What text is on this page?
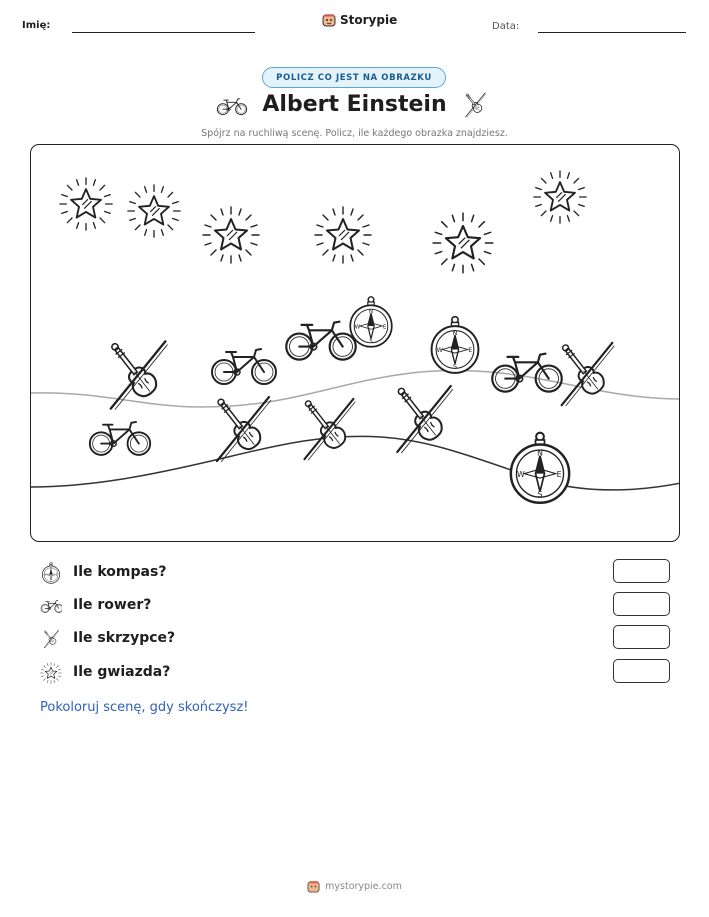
Imię:	Storypie	Data:
POLICZ CO JEST NA OBRAZKU
Albert Einstein
Spójrz na ruchliwą scenę. Policz, ile każdego obrazka znajdziesz.
Ile kompas?
Ile rower?
Ile skrzypce?
Ile gwiazda?
Pokoloruj scenę, gdy skończysz!
mystorypie.com
